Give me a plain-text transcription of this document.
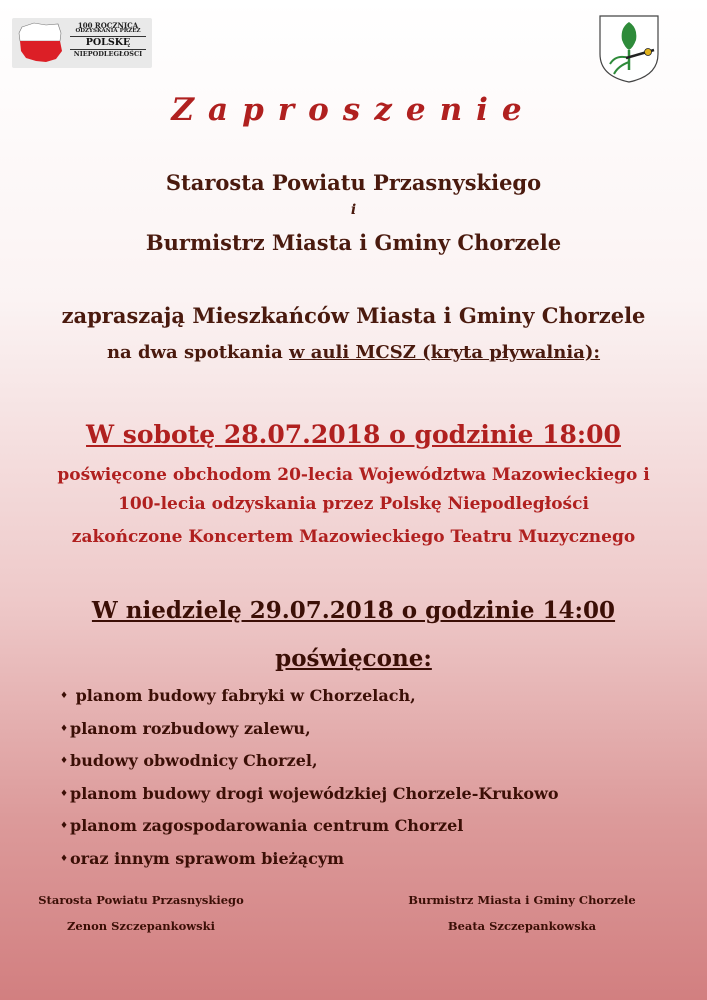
100 ROCZNICA
ODZYSKANIA PRZEZ
POLSKĘ
NIEPODLEGŁOŚCI
Zaproszenie
Starosta Powiatu Przasnyskiego
i
Burmistrz Miasta i Gminy Chorzele
zapraszają Mieszkańców Miasta i Gminy Chorzele
na dwa spotkania w auli MCSZ (kryta pływalnia):
W sobotę 28.07.2018 o godzinie 18:00
poświęcone obchodom 20-lecia Województwa Mazowieckiego i
100-lecia odzyskania przez Polskę Niepodległości
zakończone Koncertem Mazowieckiego Teatru Muzycznego
W niedzielę 29.07.2018 o godzinie 14:00
poświęcone:
♦ planom budowy fabryki w Chorzelach,
♦ planom rozbudowy zalewu,
♦ budowy obwodnicy Chorzel,
♦ planom budowy drogi wojewódzkiej Chorzele-Krukowo
♦ planom zagospodarowania centrum Chorzel
♦ oraz innym sprawom bieżącym
Starosta Powiatu Przasnyskiego
Zenon Szczepankowski
Burmistrz Miasta i Gminy Chorzele
Beata Szczepankowska
